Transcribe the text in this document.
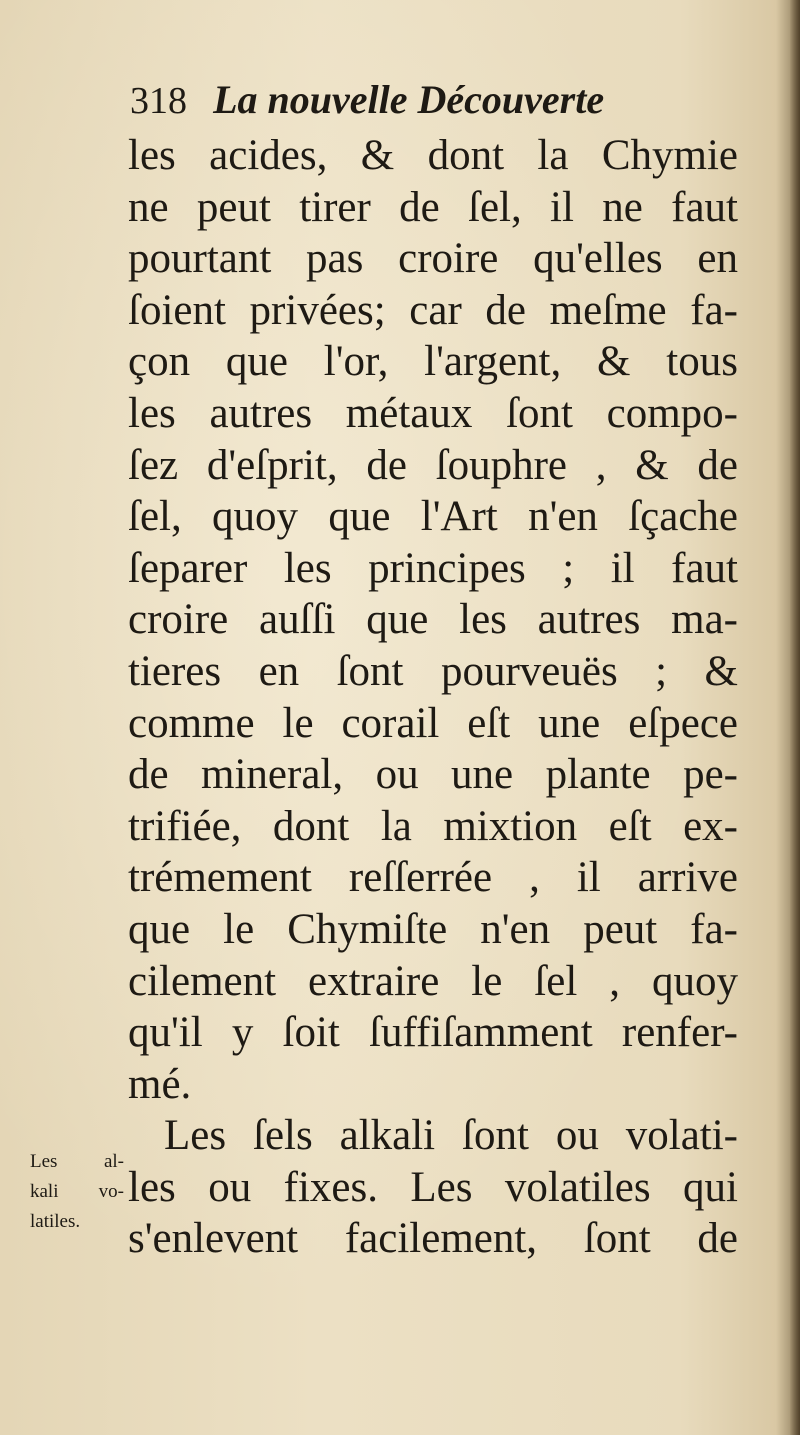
318 La nouvelle Découverte
les acides, & dont la Chymie
ne peut tirer de ſel, il ne faut
pourtant pas croire qu'elles en
ſoient privées; car de meſme fa-
çon que l'or, l'argent, & tous
les autres métaux ſont compo-
ſez d'eſprit, de ſouphre , & de
ſel, quoy que l'Art n'en ſçache
ſeparer les principes ; il faut
croire auſſi que les autres ma-
tieres en ſont pourveuës ; &
comme le corail eſt une eſpece
de mineral, ou une plante pe-
trifiée, dont la mixtion eſt ex-
trémement reſſerrée , il arrive
que le Chymiſte n'en peut fa-
cilement extraire le ſel , quoy
qu'il y ſoit ſuffiſamment renfer-
mé.
Les ſels alkali ſont ou volati-
les ou fixes. Les volatiles qui
s'enlevent facilement, ſont de
Les al-
kali vo-
latiles.
